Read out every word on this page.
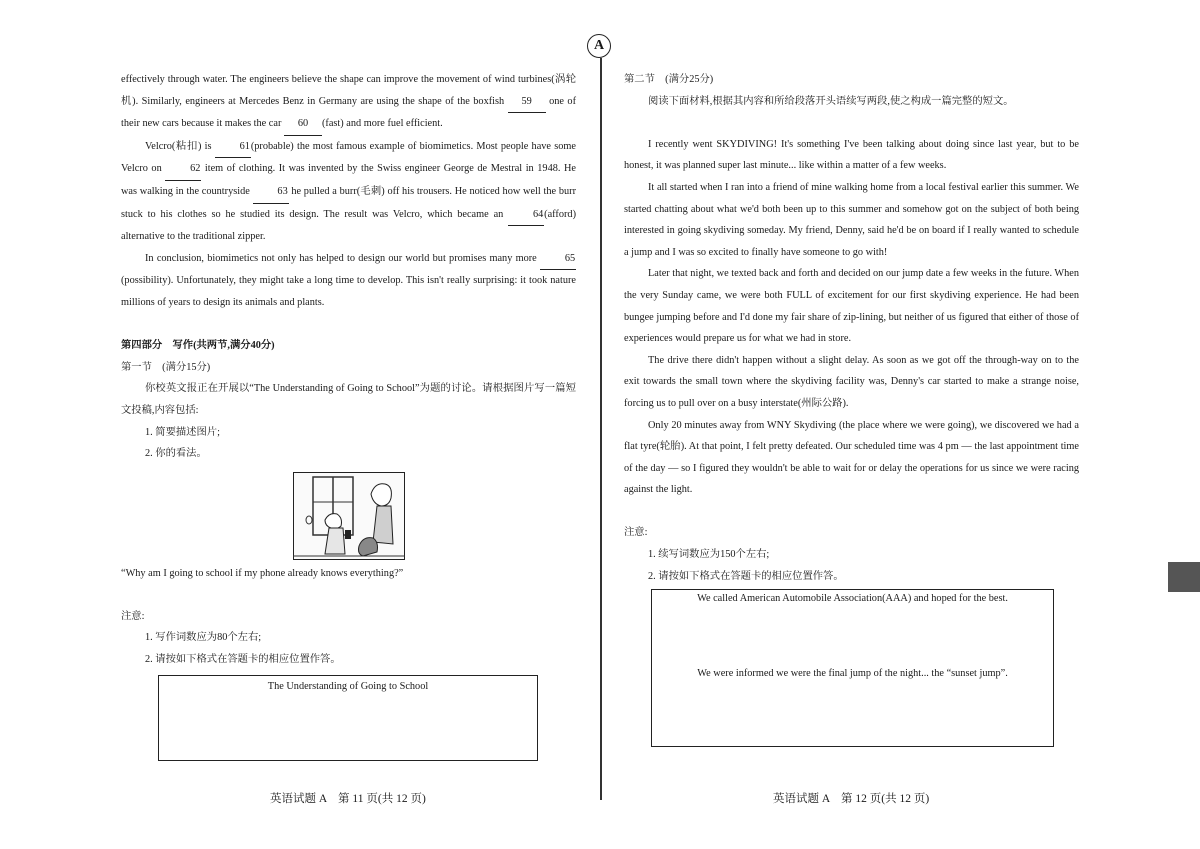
A

effectively through water. The engineers believe the shape can improve the movement of wind turbines(涡轮机). Similarly, engineers at Mercedes Benz in Germany are using the shape of the boxfish 59 one of their new cars because it makes the car 60 (fast) and more fuel efficient.

Velcro(粘扣) is 61(probable) the most famous example of biomimetics. Most people have some Velcro on 62 item of clothing. It was invented by the Swiss engineer George de Mestral in 1948. He was walking in the countryside 63 he pulled a burr(毛刺) off his trousers. He noticed how well the burr stuck to his clothes so he studied its design. The result was Velcro, which became an 64(afford) alternative to the traditional zipper.

In conclusion, biomimetics not only has helped to design our world but promises many more 65(possibility). Unfortunately, they might take a long time to develop. This isn't really surprising: it took nature millions of years to design its animals and plants.

第四部分　写作(共两节,满分40分)

第一节　(满分15分)

你校英文报正在开展以“The Understanding of Going to School”为题的讨论。请根据图片写一篇短文投稿,内容包括:

1. 简要描述图片;

2. 你的看法。

“Why am I going to school if my phone already knows everything?”

注意:

1. 写作词数应为80个左右;

2. 请按如下格式在答题卡的相应位置作答。

The Understanding of Going to School

第二节　(满分25分)

阅读下面材料,根据其内容和所给段落开头语续写两段,使之构成一篇完整的短文。

I recently went SKYDIVING! It's something I've been talking about doing since last year, but to be honest, it was planned super last minute... like within a matter of a few weeks.

It all started when I ran into a friend of mine walking home from a local festival earlier this summer. We started chatting about what we'd both been up to this summer and somehow got on the subject of both being interested in going skydiving someday. My friend, Denny, said he'd be on board if I really wanted to schedule a jump and I was so excited to finally have someone to go with!

Later that night, we texted back and forth and decided on our jump date a few weeks in the future. When the very Sunday came, we were both FULL of excitement for our first skydiving experience. He had been bungee jumping before and I'd done my fair share of zip-lining, but neither of us figured that either of those of experiences would prepare us for what we had in store.

The drive there didn't happen without a slight delay. As soon as we got off the through-way on to the exit towards the small town where the skydiving facility was, Denny's car started to make a strange noise, forcing us to pull over on a busy interstate(州际公路).

Only 20 minutes away from WNY Skydiving (the place where we were going), we discovered we had a flat tyre(轮胎). At that point, I felt pretty defeated. Our scheduled time was 4 pm — the last appointment time of the day — so I figured they wouldn't be able to wait for or delay the operations for us since we were racing against the light.

注意:

1. 续写词数应为150个左右;

2. 请按如下格式在答题卡的相应位置作答。

We called American Automobile Association(AAA) and hoped for the best.
We were informed we were the final jump of the night... the “sunset jump”.
英语试题 A　第 11 页(共 12 页)	英语试题 A　第 12 页(共 12 页)
